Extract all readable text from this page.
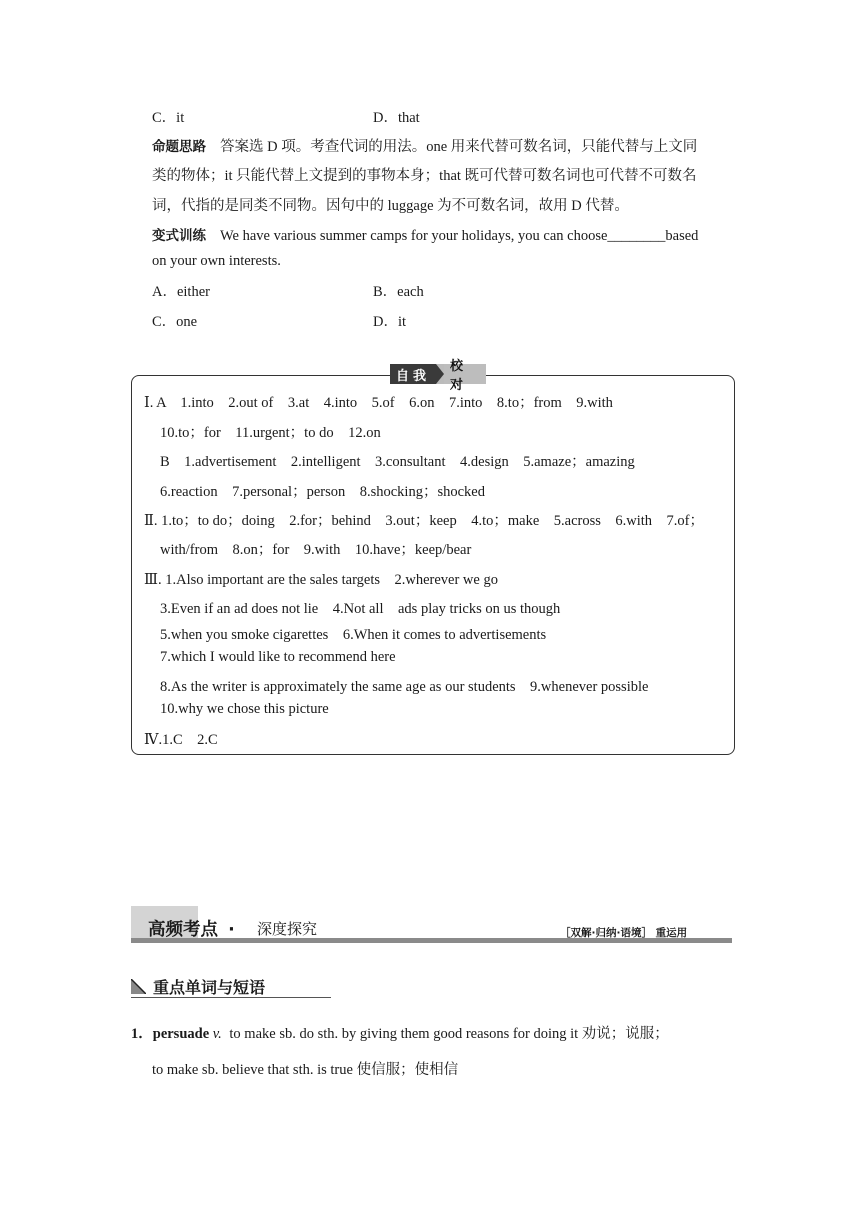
C．it	D．that
命题思路 答案选 D 项。考查代词的用法。one 用来代替可数名词，只能代替与上文同
类的物体；it 只能代替上文提到的事物本身；that 既可代替可数名词也可代替不可数名
词，代指的是同类不同物。因句中的 luggage 为不可数名词，故用 D 代替。
变式训练 We have various summer camps for your holidays, you can choose________based
on your own interests.
A．either	B．each
C．one	D．it
自我
校对
Ⅰ. A　1.into　2.out of　3.at　4.into　5.of　6.on　7.into　8.to；from　9.with
10.to；for　11.urgent；to do　12.on
B　1.advertisement　2.intelligent　3.consultant　4.design　5.amaze；amazing
6.reaction　7.personal；person　8.shocking；shocked
Ⅱ. 1.to；to do；doing　2.for；behind　3.out；keep　4.to；make　5.across　6.with　7.of；
with/from　8.on；for　9.with　10.have；keep/bear
Ⅲ. 1.Also important are the sales targets　2.wherever we go
3.Even if an ad does not lie　4.Not all　ads play tricks on us though
5.when you smoke cigarettes　6.When it comes to advertisements
7.which I would like to recommend here
8.As the writer is approximately the same age as our students　9.whenever possible
10.why we chose this picture
Ⅳ.1.C　2.C
高频考点 · 深度探究	［双解·归纳·语境］ 重运用
重点单词与短语
1．persuade v. to make sb. do sth. by giving them good reasons for doing it 劝说；说服；
to make sb. believe that sth. is true 使信服；使相信
